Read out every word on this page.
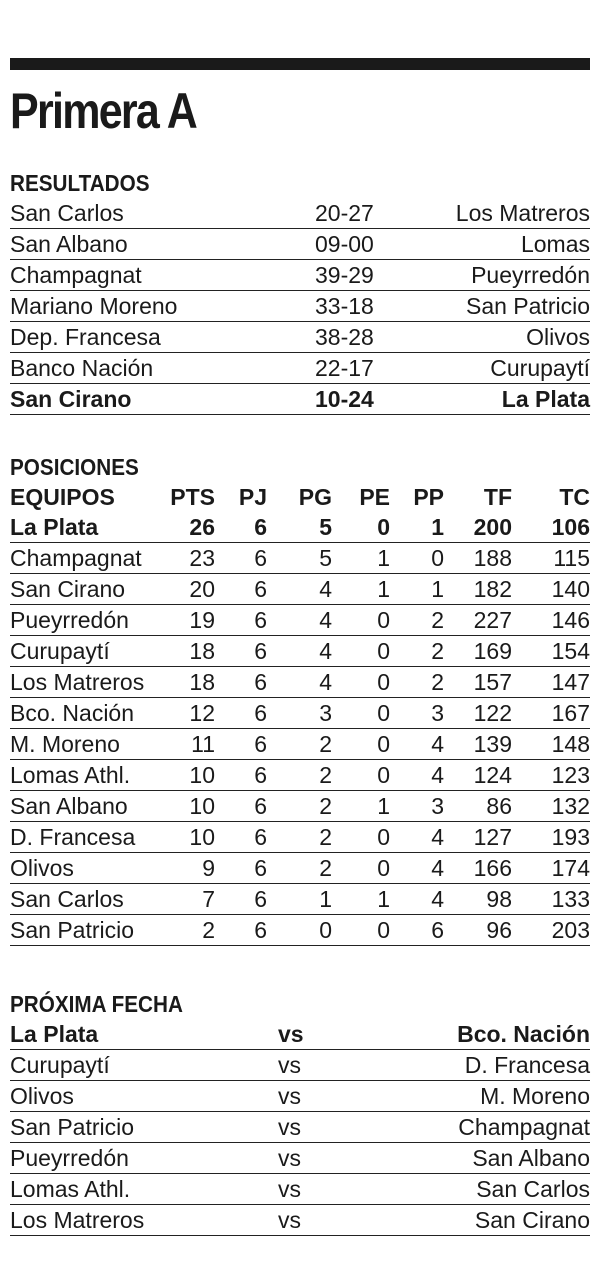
Primera A
RESULTADOS
San Carlos	20-27	Los Matreros
San Albano	09-00	Lomas
Champagnat	39-29	Pueyrredón
Mariano Moreno	33-18	San Patricio
Dep. Francesa	38-28	Olivos
Banco Nación	22-17	Curupaytí
San Cirano	10-24	La Plata
POSICIONES
EQUIPOS PTS PJ PG PE PP TF TC
La Plata	26 6 5 0 1 200 106
Champagnat 23 6 5 1 0 188 115
San Cirano	20 6 4 1 1 182 140
Pueyrredón	19 6 4 0 2 227 146
Curupaytí	18 6 4 0 2 169 154
Los Matreros 18 6 4 0 2 157 147
Bco. Nación 12 6 3 0 3 122 167
M. Moreno	11 6 2 0 4 139 148
Lomas Athl.	10 6 2 0 4 124 123
San Albano	10 6 2 1 3 86 132
D. Francesa 10 6 2 0 4 127 193
Olivos	9 6 2 0 4 166 174
San Carlos	7 6 1 1 4 98 133
San Patricio	2 6 0 0 6 96 203
PRÓXIMA FECHA
La Plata	vs	Bco. Nación
Curupaytí	vs	D. Francesa
Olivos	vs	M. Moreno
San Patricio	vs	Champagnat
Pueyrredón	vs	San Albano
Lomas Athl.	vs	San Carlos
Los Matreros	vs	San Cirano
